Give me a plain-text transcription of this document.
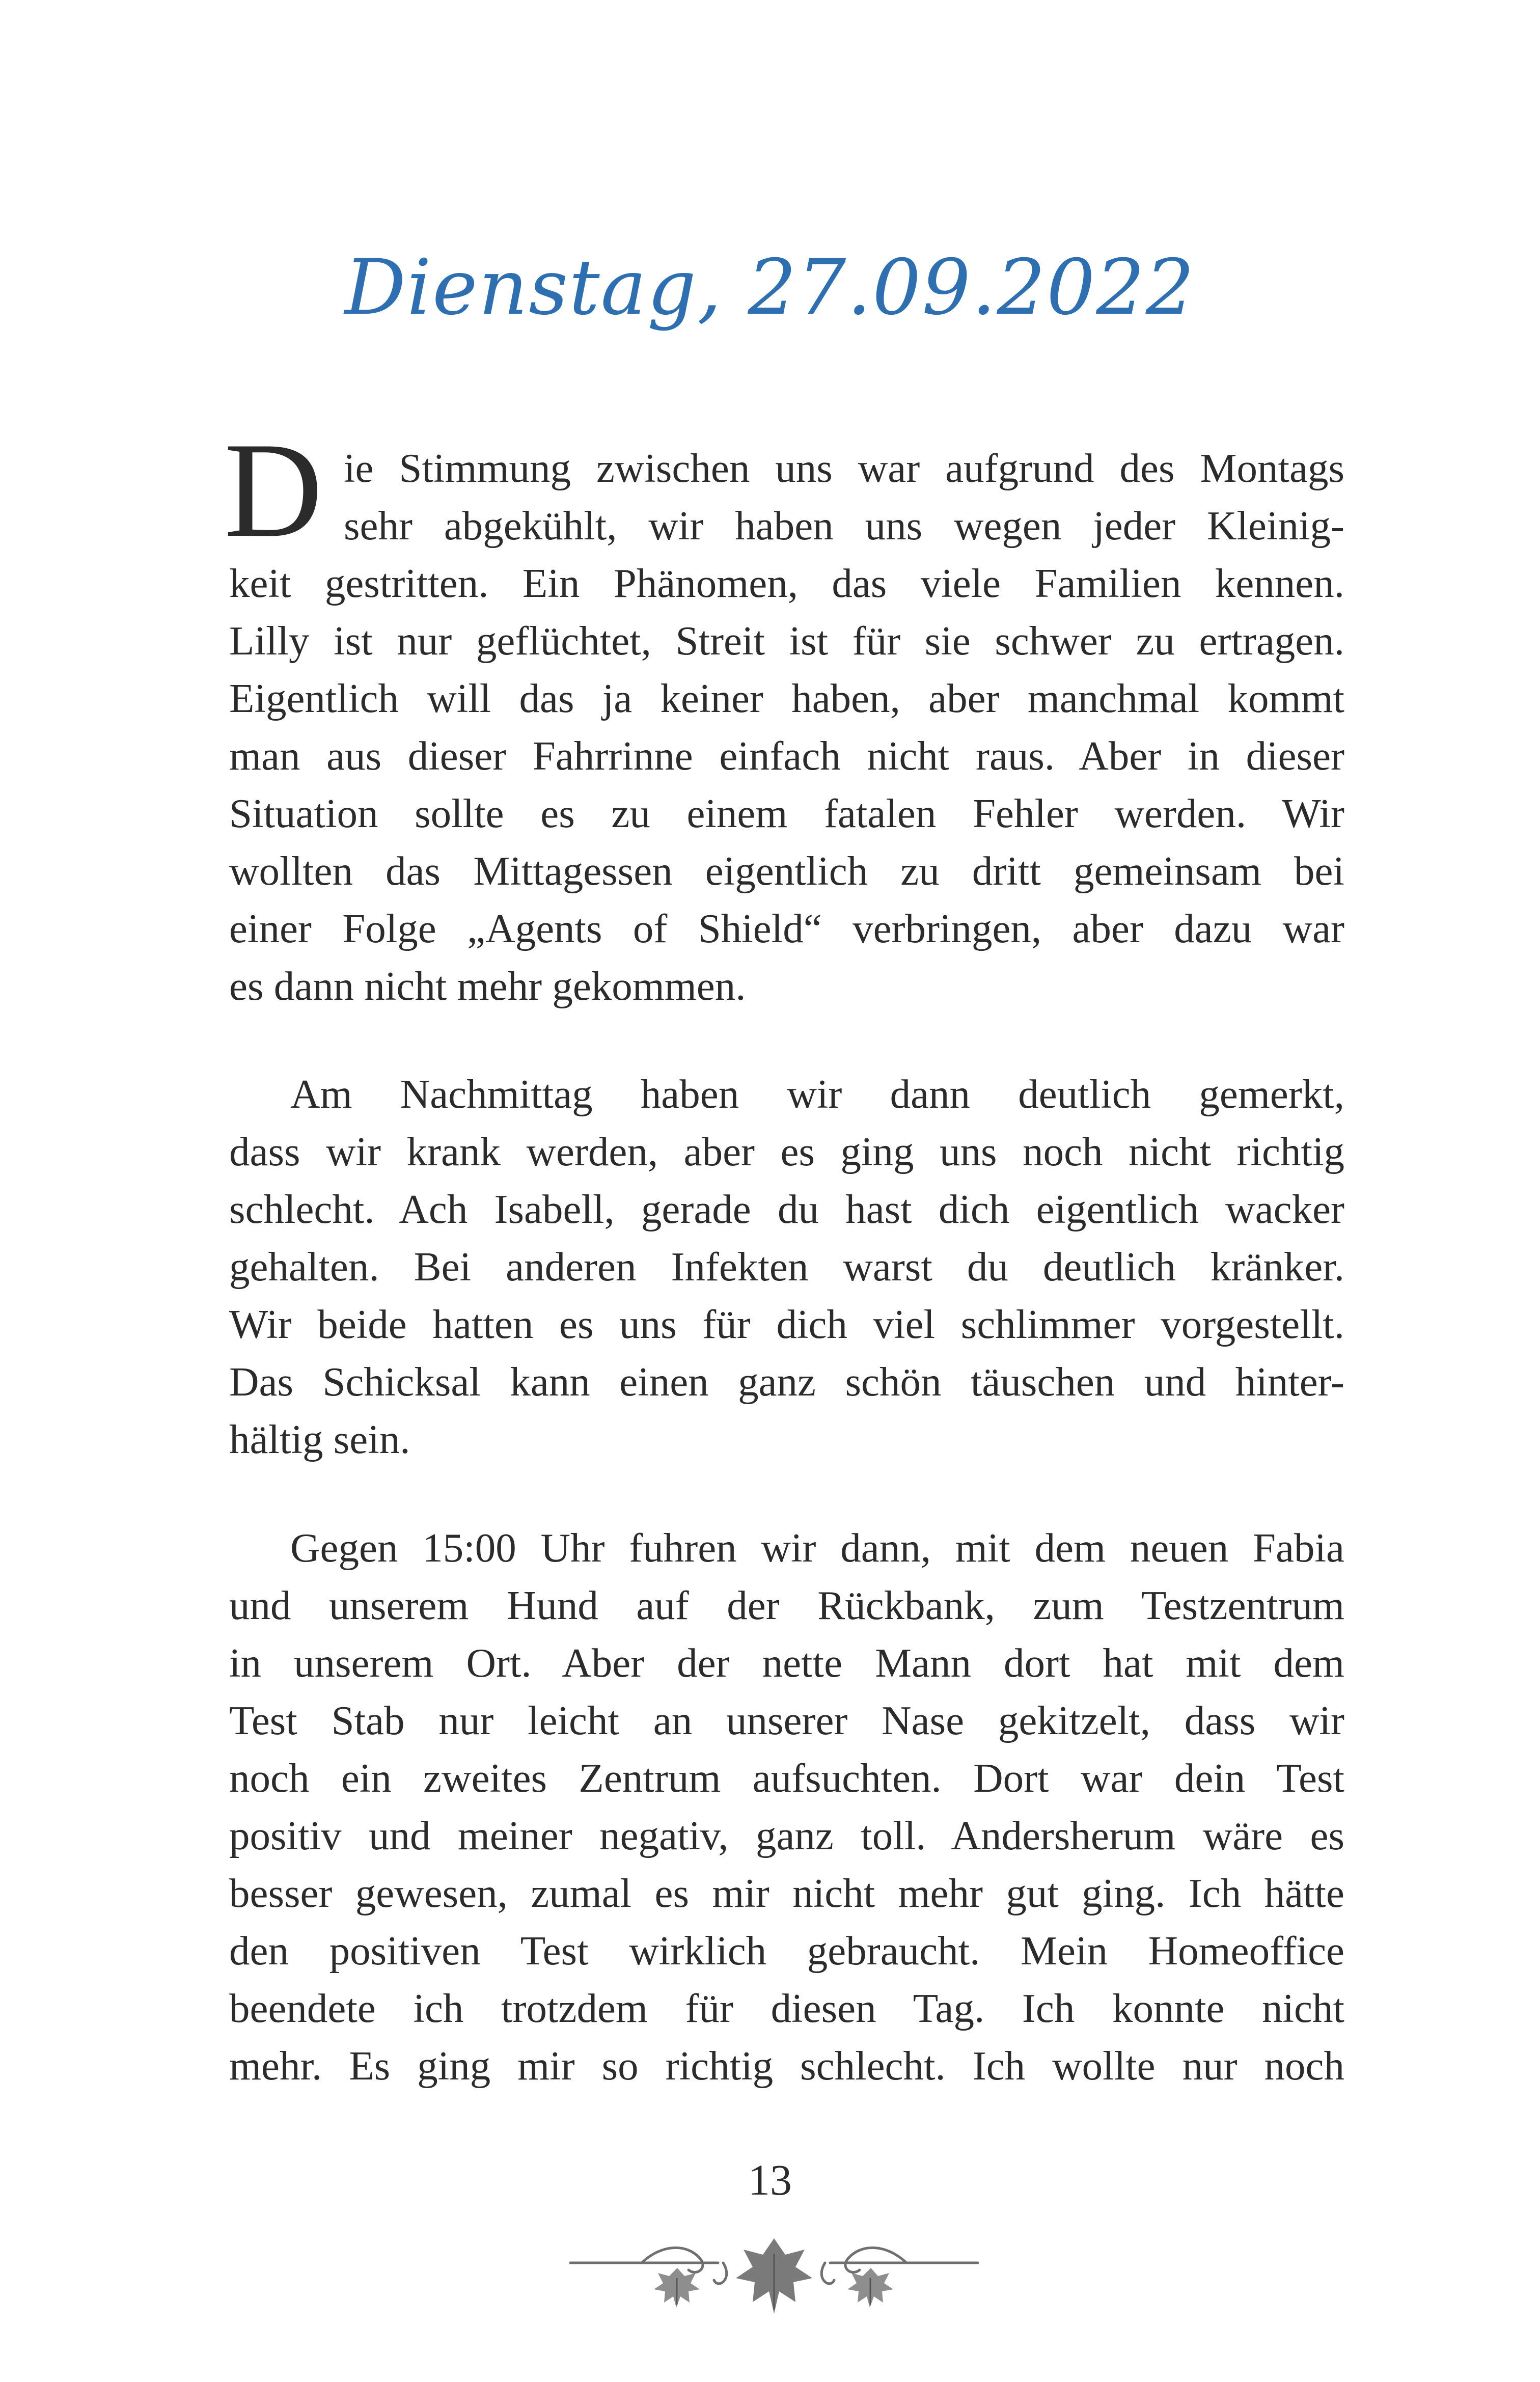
Dienstag, 27.09.2022
D ie Stimmung zwischen uns war aufgrund des Montags
sehr abgekühlt, wir haben uns wegen jeder Kleinig-
keit gestritten. Ein Phänomen, das viele Familien kennen.
Lilly ist nur geflüchtet, Streit ist für sie schwer zu ertragen.
Eigentlich will das ja keiner haben, aber manchmal kommt
man aus dieser Fahrrinne einfach nicht raus. Aber in dieser
Situation sollte es zu einem fatalen Fehler werden. Wir
wollten das Mittagessen eigentlich zu dritt gemeinsam bei
einer Folge „Agents of Shield“ verbringen, aber dazu war
es dann nicht mehr gekommen.
Am Nachmittag haben wir dann deutlich gemerkt,
dass wir krank werden, aber es ging uns noch nicht richtig
schlecht. Ach Isabell, gerade du hast dich eigentlich wacker
gehalten. Bei anderen Infekten warst du deutlich kränker.
Wir beide hatten es uns für dich viel schlimmer vorgestellt.
Das Schicksal kann einen ganz schön täuschen und hinter-
hältig sein.
Gegen 15:00 Uhr fuhren wir dann, mit dem neuen Fabia
und unserem Hund auf der Rückbank, zum Testzentrum
in unserem Ort. Aber der nette Mann dort hat mit dem
Test Stab nur leicht an unserer Nase gekitzelt, dass wir
noch ein zweites Zentrum aufsuchten. Dort war dein Test
positiv und meiner negativ, ganz toll. Andersherum wäre es
besser gewesen, zumal es mir nicht mehr gut ging. Ich hätte
den positiven Test wirklich gebraucht. Mein Homeoffice
beendete ich trotzdem für diesen Tag. Ich konnte nicht
mehr. Es ging mir so richtig schlecht. Ich wollte nur noch
13
